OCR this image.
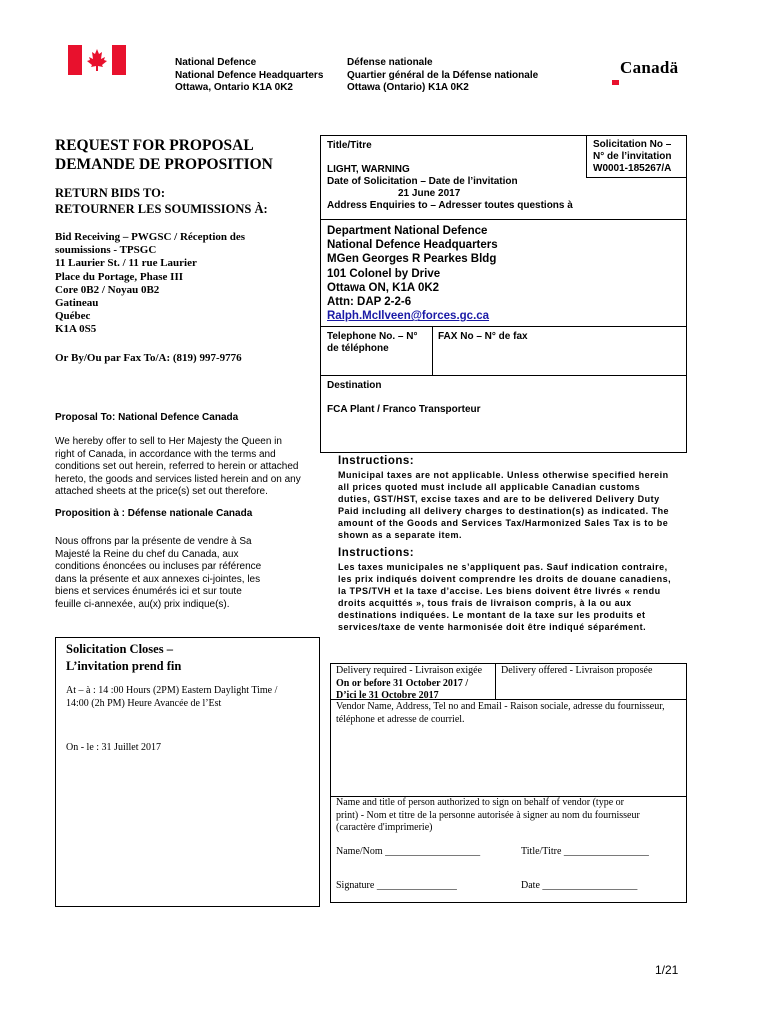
National Defence
National Defence Headquarters
Ottawa, Ontario K1A 0K2
Défense nationale
Quartier général de la Défense nationale
Ottawa (Ontario) K1A 0K2
Canadä
REQUEST FOR PROPOSAL
DEMANDE DE PROPOSITION
RETURN BIDS TO:
RETOURNER LES SOUMISSIONS À:
Bid Receiving – PWGSC / Réception des
soumissions - TPSGC
11 Laurier St. / 11 rue Laurier
Place du Portage, Phase III
Core 0B2 / Noyau 0B2
Gatineau
Québec
K1A 0S5
Or By/Ou par Fax To/A: (819) 997-9776
Proposal To: National Defence Canada
We hereby offer to sell to Her Majesty the Queen in
right of Canada, in accordance with the terms and
conditions set out herein, referred to herein or attached
hereto, the goods and services listed herein and on any
attached sheets at the price(s) set out therefore.
Proposition à : Défense nationale Canada
Nous offrons par la présente de vendre à Sa
Majesté la Reine du chef du Canada, aux
conditions énoncées ou incluses par référence
dans la présente et aux annexes ci-jointes, les
biens et services énumérés ici et sur toute
feuille ci-annexée, au(x) prix indique(s).
Solicitation Closes –
L’invitation prend fin
At – à : 14 :00 Hours (2PM) Eastern Daylight Time /
14:00 (2h PM) Heure Avancée de l’Est
On - le : 31 Juillet 2017
Title/Titre
LIGHT, WARNING
Solicitation No –
N° de l’invitation
W0001-185267/A
Date of Solicitation – Date de l’invitation
21 June 2017
Address Enquiries to – Adresser toutes questions à
Department National Defence
National Defence Headquarters
MGen Georges R Pearkes Bldg
101 Colonel by Drive
Ottawa ON, K1A 0K2
Attn: DAP 2-2-6
Ralph.McIlveen@forces.gc.ca
Telephone No. – N°
de téléphone
FAX No – N° de fax
Destination
FCA Plant / Franco Transporteur
Instructions:
Municipal taxes are not applicable. Unless otherwise specified herein
all prices quoted must include all applicable Canadian customs
duties, GST/HST, excise taxes and are to be delivered Delivery Duty
Paid including all delivery charges to destination(s) as indicated. The
amount of the Goods and Services Tax/Harmonized Sales Tax is to be
shown as a separate item.
Instructions:
Les taxes municipales ne s’appliquent pas. Sauf indication contraire,
les prix indiqués doivent comprendre les droits de douane canadiens,
la TPS/TVH et la taxe d’accise. Les biens doivent être livrés « rendu
droits acquittés », tous frais de livraison compris, à la ou aux
destinations indiquées. Le montant de la taxe sur les produits et
services/taxe de vente harmonisée doit être indiqué séparément.
Delivery required - Livraison exigée
On or before 31 October 2017 /
D’ici le 31 Octobre 2017
Delivery offered - Livraison proposée
Vendor Name, Address, Tel no and Email - Raison sociale, adresse du fournisseur,
téléphone et adresse de courriel.
Name and title of person authorized to sign on behalf of vendor (type or
print) - Nom et titre de la personne autorisée à signer au nom du fournisseur
(caractère d'imprimerie)
Name/Nom ___________________	Title/Titre _________________
Signature ________________	Date ___________________
1/21
